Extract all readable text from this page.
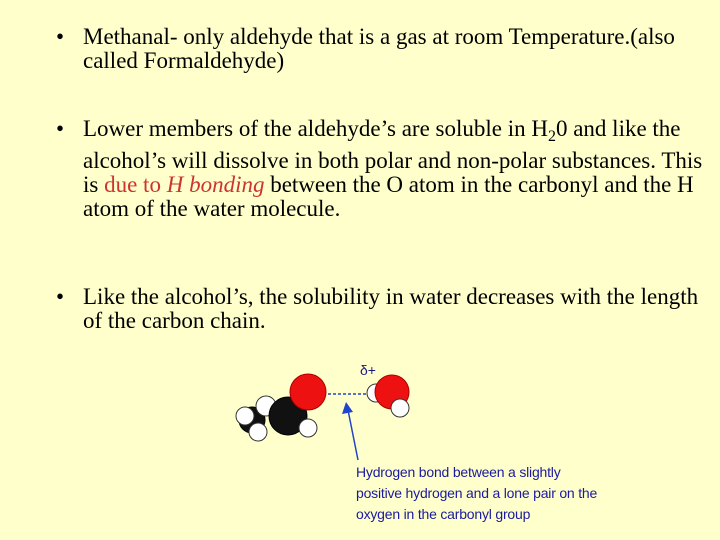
• Methanal- only aldehyde that is a gas at room Temperature.(also called Formaldehyde)
• Lower members of the aldehyde’s are soluble in $H_20$ and like the alcohol’s will dissolve in both polar and non-polar substances. This is due to H bonding between the O atom in the carbonyl and the H atom of the water molecule.
• Like the alcohol’s, the solubility in water decreases with the length of the carbon chain.
δ+
Hydrogen bond between a slightly positive hydrogen and a lone pair on the oxygen in the carbonyl group
